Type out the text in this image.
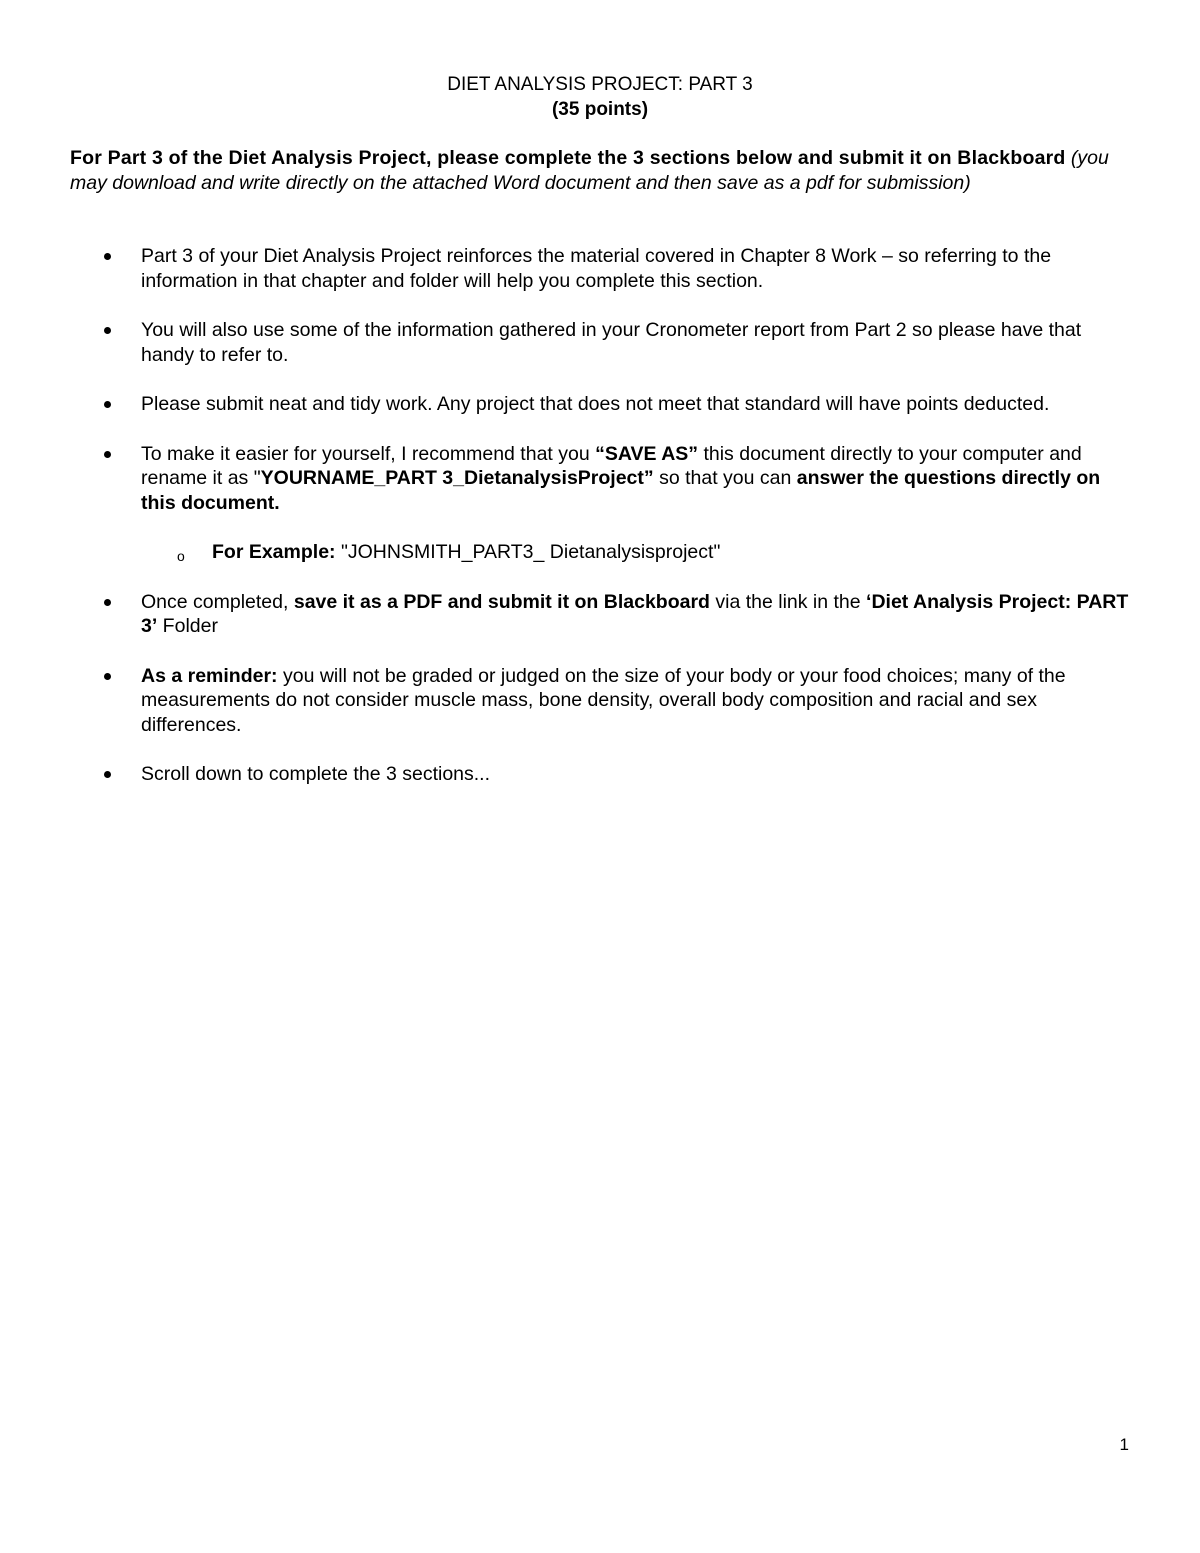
DIET ANALYSIS PROJECT: PART 3
(35 points)
For Part 3 of the Diet Analysis Project, please complete the 3 sections below and submit it on Blackboard (you may download and write directly on the attached Word document and then save as a pdf for submission)
Part 3 of your Diet Analysis Project reinforces the material covered in Chapter 8 Work – so referring to the information in that chapter and folder will help you complete this section.
You will also use some of the information gathered in your Cronometer report from Part 2 so please have that handy to refer to.
Please submit neat and tidy work. Any project that does not meet that standard will have points deducted.
To make it easier for yourself, I recommend that you “SAVE AS” this document directly to your computer and rename it as "YOURNAME_PART 3_DietanalysisProject” so that you can answer the questions directly on this document.
o For Example: "JOHNSMITH_PART3_ Dietanalysisproject"
Once completed, save it as a PDF and submit it on Blackboard via the link in the ‘Diet Analysis Project: PART 3’ Folder
As a reminder: you will not be graded or judged on the size of your body or your food choices; many of the measurements do not consider muscle mass, bone density, overall body composition and racial and sex differences.
Scroll down to complete the 3 sections...
1
